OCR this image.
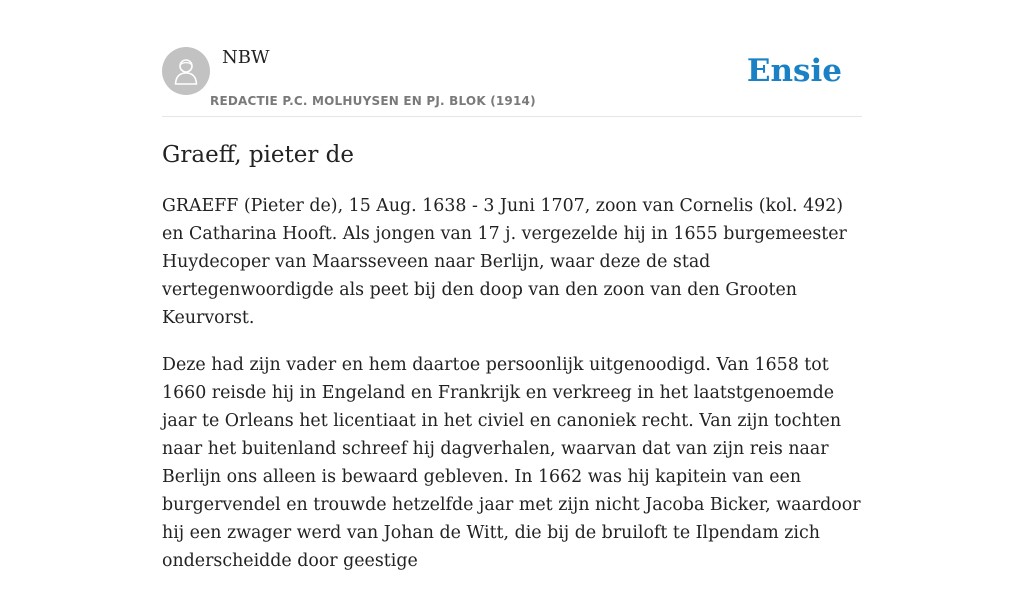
NBW
REDACTIE P.C. MOLHUYSEN EN PJ. BLOK (1914)
Ensie
Graeff, pieter de

GRAEFF (Pieter de), 15 Aug. 1638 - 3 Juni 1707, zoon van Cornelis (kol. 492) en Catharina Hooft. Als jongen van 17 j. vergezelde hij in 1655 burgemeester Huydecoper van Maarsseveen naar Berlijn, waar deze de stad vertegenwoordigde als peet bij den doop van den zoon van den Grooten Keurvorst.

Deze had zijn vader en hem daartoe persoonlijk uitgenoodigd. Van 1658 tot 1660 reisde hij in Engeland en Frankrijk en verkreeg in het laatstgenoemde jaar te Orleans het licentiaat in het civiel en canoniek recht. Van zijn tochten naar het buitenland schreef hij dagverhalen, waarvan dat van zijn reis naar Berlijn ons alleen is bewaard gebleven. In 1662 was hij kapitein van een burgervendel en trouwde hetzelfde jaar met zijn nicht Jacoba Bicker, waardoor hij een zwager werd van Johan de Witt, die bij de bruiloft te Ilpendam zich onderscheidde door geestige
